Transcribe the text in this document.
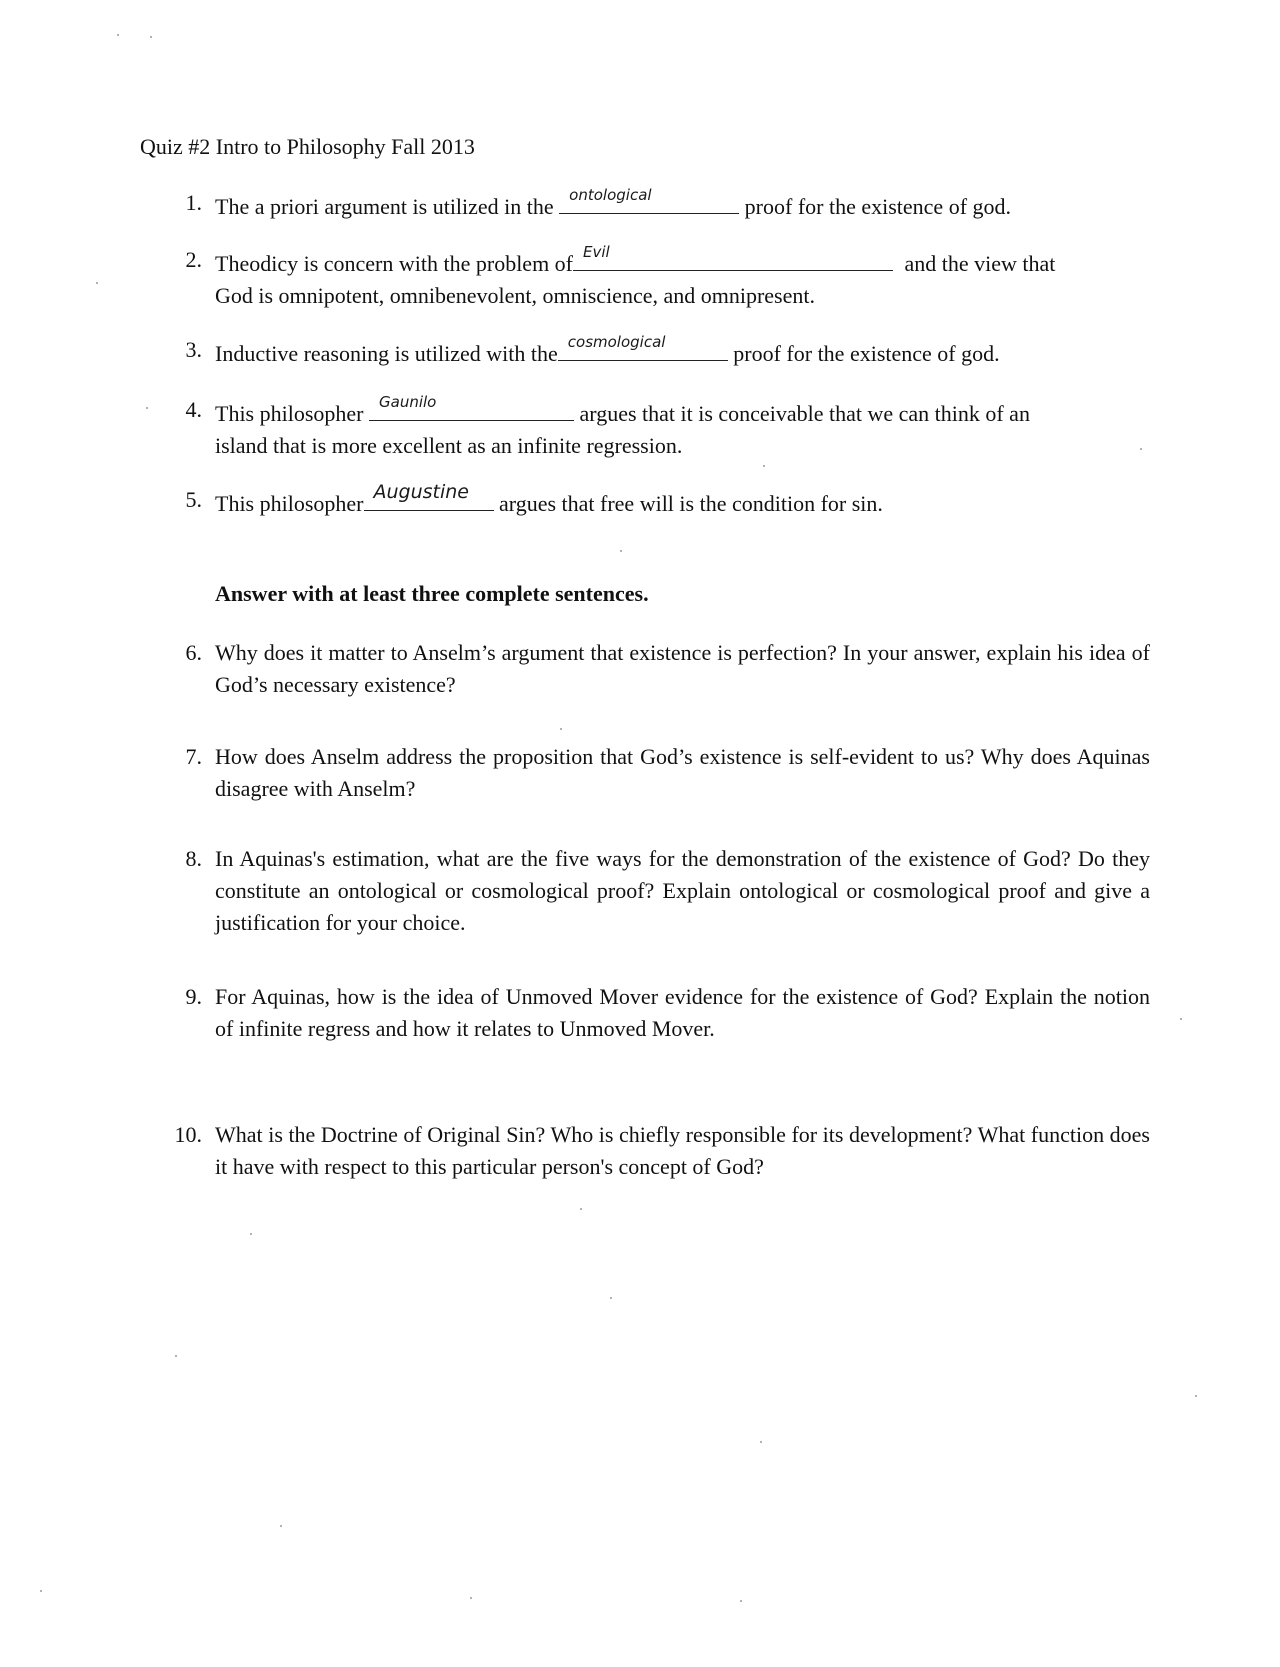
Quiz #2 Intro to Philosophy Fall 2013
1. The a priori argument is utilized in the ontological	proof for the existence of god.
2. Theodicy is concern with the problem of Evil	and the view that
God is omnipotent, omnibenevolent, omniscience, and omnipresent.
3. Inductive reasoning is utilized with the cosmological	proof for the existence of god.
4. This philosopher Gaunilo	argues that it is conceivable that we can think of an
island that is more excellent as an infinite regression.
5. This philosopher Augustine argues that free will is the condition for sin.
Answer with at least three complete sentences.
6. Why does it matter to Anselm’s argument that existence is perfection? In your answer, explain his idea of God’s necessary existence?
7. How does Anselm address the proposition that God’s existence is self-evident to us? Why does Aquinas disagree with Anselm?
8. In Aquinas's estimation, what are the five ways for the demonstration of the existence of God? Do they constitute an ontological or cosmological proof? Explain ontological or cosmological proof and give a justification for your choice.
9. For Aquinas, how is the idea of Unmoved Mover evidence for the existence of God? Explain the notion of infinite regress and how it relates to Unmoved Mover.
10. What is the Doctrine of Original Sin? Who is chiefly responsible for its development? What function does it have with respect to this particular person's concept of God?
